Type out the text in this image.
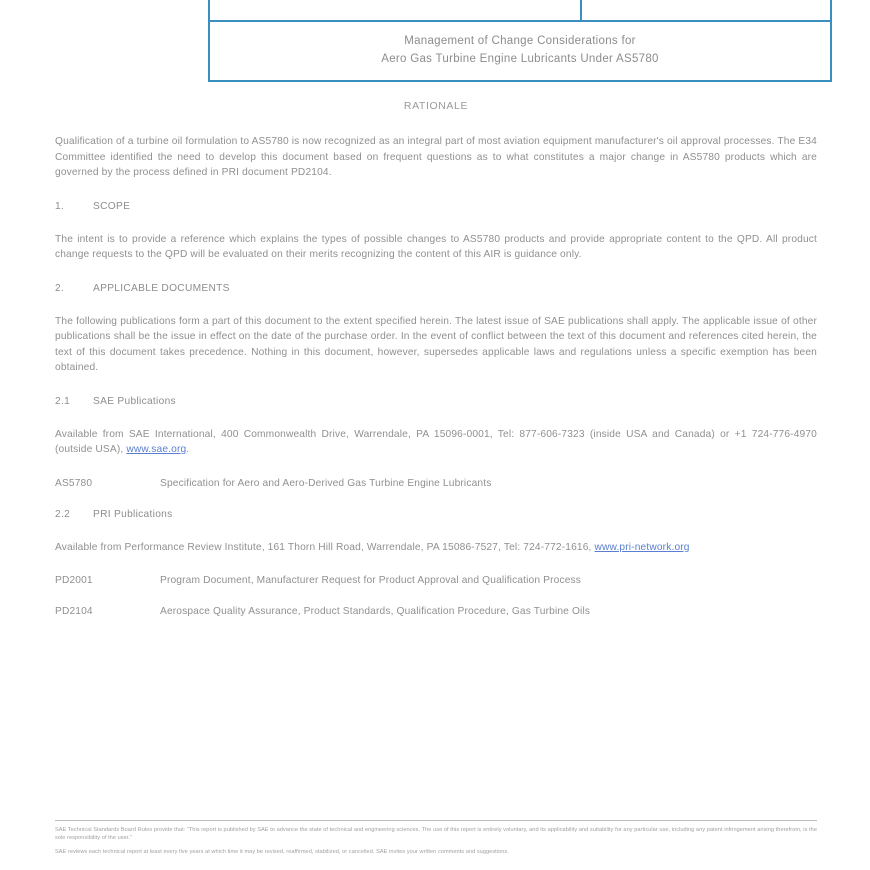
Management of Change Considerations for
Aero Gas Turbine Engine Lubricants Under AS5780
RATIONALE

Qualification of a turbine oil formulation to AS5780 is now recognized as an integral part of most aviation equipment manufacturer's oil approval processes. The E34 Committee identified the need to develop this document based on frequent questions as to what constitutes a major change in AS5780 products which are governed by the process defined in PRI document PD2104.

1.	SCOPE

The intent is to provide a reference which explains the types of possible changes to AS5780 products and provide appropriate content to the QPD. All product change requests to the QPD will be evaluated on their merits recognizing the content of this AIR is guidance only.

2.	APPLICABLE DOCUMENTS

The following publications form a part of this document to the extent specified herein. The latest issue of SAE publications shall apply. The applicable issue of other publications shall be the issue in effect on the date of the purchase order. In the event of conflict between the text of this document and references cited herein, the text of this document takes precedence. Nothing in this document, however, supersedes applicable laws and regulations unless a specific exemption has been obtained.

2.1	SAE Publications

Available from SAE International, 400 Commonwealth Drive, Warrendale, PA 15096-0001, Tel: 877-606-7323 (inside USA and Canada) or +1 724-776-4970 (outside USA), www.sae.org.

AS5780	Specification for Aero and Aero-Derived Gas Turbine Engine Lubricants
2.2	PRI Publications

Available from Performance Review Institute, 161 Thorn Hill Road, Warrendale, PA 15086-7527, Tel: 724-772-1616, www.pri-network.org

PD2001	Program Document, Manufacturer Request for Product Approval and Qualification Process
PD2104	Aerospace Quality Assurance, Product Standards, Qualification Procedure, Gas Turbine Oils

SAE Technical Standards Board Rules provide that: “This report is published by SAE to advance the state of technical and engineering sciences. The use of this report is entirely voluntary, and its applicability and suitability for any particular use, including any patent infringement arising therefrom, is the sole responsibility of the user.”

SAE reviews each technical report at least every five years at which time it may be revised, reaffirmed, stabilized, or cancelled. SAE invites your written comments and suggestions.
